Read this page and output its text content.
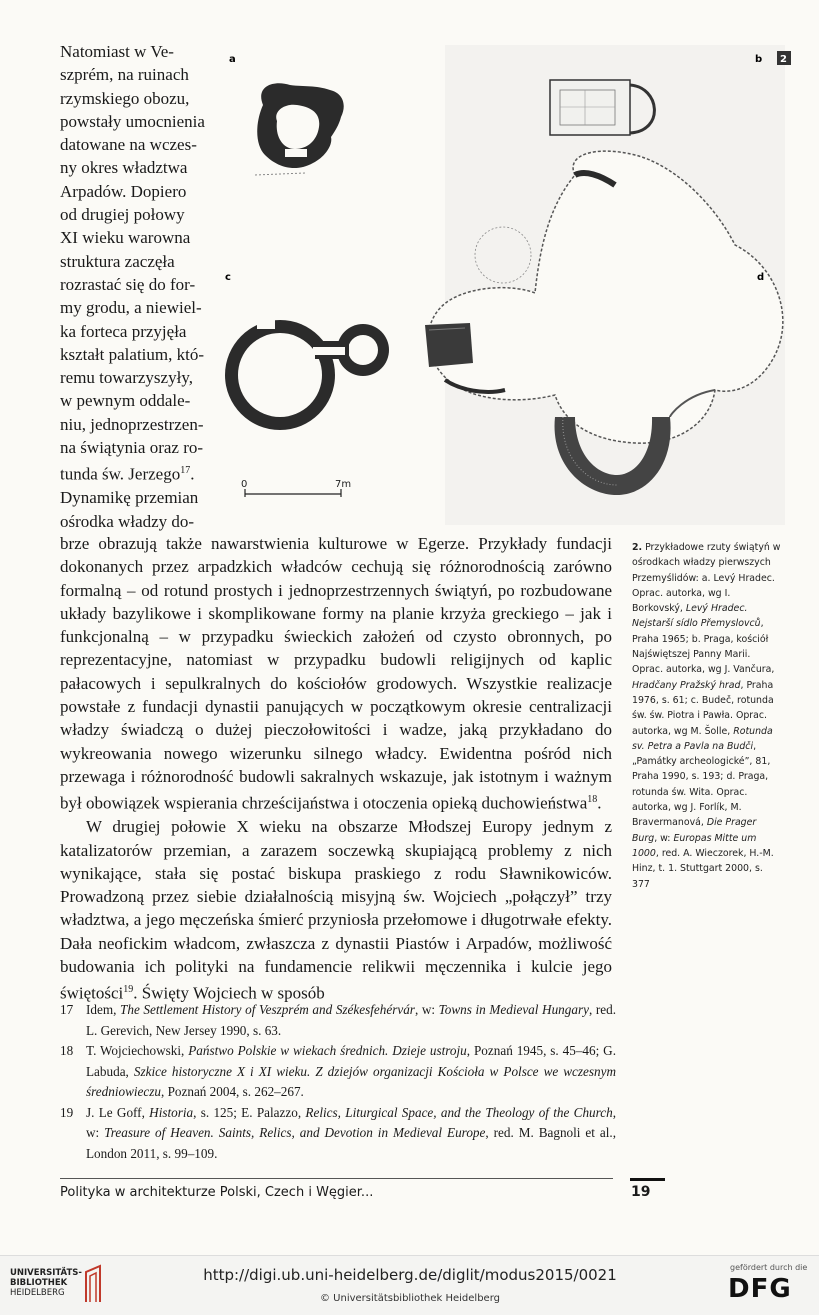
Natomiast w Ve-
szprém, na ruinach
rzymskiego obozu,
powstały umocnienia
datowane na wczes-
ny okres władztwa
Arpadów. Dopiero
od drugiej połowy
XI wieku warowna
struktura zaczęła
rozrastać się do for-
my grodu, a niewiel-
ka forteca przyjęła
kształt palatium, któ-
remu towarzyszyły,
w pewnym oddale-
niu, jednoprzestrzen-
na świątynia oraz ro-
tunda św. Jerzego$^{17}$.
Dynamikę przemian
ośrodka władzy do-
0	7m
a	b 2
c	d

brze obrazują także nawarstwienia kulturowe w Egerze. Przykłady fundacji dokonanych przez arpadzkich władców cechują się różnorodnością zarówno formalną – od rotund prostych i jednoprzestrzennych świątyń, po rozbudowane układy bazylikowe i skomplikowane formy na planie krzyża greckiego – jak i funkcjonalną – w przypadku świeckich założeń od czysto obronnych, po reprezentacyjne, natomiast w przypadku budowli religijnych od kaplic pałacowych i sepulkralnych do kościołów grodowych. Wszystkie realizacje powstałe z fundacji dynastii panujących w początkowym okresie centralizacji władzy świadczą o dużej pieczołowitości i wadze, jaką przykładano do wykreowania nowego wizerunku silnego władcy. Ewidentna pośród nich przewaga i różnorodność budowli sakralnych wskazuje, jak istotnym i ważnym był obowiązek wspierania chrześcijaństwa i otoczenia opieką duchowieństwa$^{18}$.

W drugiej połowie X wieku na obszarze Młodszej Europy jednym z katalizatorów przemian, a zarazem soczewką skupiającą problemy z nich wynikające, stała się postać biskupa praskiego z rodu Sławnikowiców. Prowadzoną przez siebie działalnością misyjną św. Wojciech „połączył” trzy władztwa, a jego męczeńska śmierć przyniosła przełomowe i długotrwałe efekty. Dała neofickim władcom, zwłaszcza z dynastii Piastów i Arpadów, możliwość budowania ich polityki na fundamencie relikwii męczennika i kulcie jego świętości$^{19}$. Święty Wojciech w sposób

2. Przykładowe rzuty świątyń w ośrodkach władzy pierwszych Przemyślidów: a. Levý Hradec. Oprac. autorka, wg I. Borkovský, Levý Hradec. Nejstarší sídlo Přemyslovců, Praha 1965; b. Praga, kościół Najświętszej Panny Marii. Oprac. autorka, wg J. Vančura, Hradčany Pražský hrad, Praha 1976, s. 61; c. Budeč, rotunda św. św. Piotra i Pawła. Oprac. autorka, wg M. Šolle, Rotunda sv. Petra a Pavla na Budči, „Památky archeologické”, 81, Praha 1990, s. 193; d. Praga, rotunda św. Wita. Oprac. autorka, wg J. Forlík, M. Bravermanová, Die Prager Burg, w: Europas Mitte um 1000, red. A. Wieczorek, H.-M. Hinz, t. 1. Stuttgart 2000, s. 377
17 Idem, The Settlement History of Veszprém and Székesfehérvár, w: Towns in Medieval Hungary, red. L. Gerevich, New Jersey 1990, s. 63.
18 T. Wojciechowski, Państwo Polskie w wiekach średnich. Dzieje ustroju, Poznań 1945, s. 45–46; G. Labuda, Szkice historyczne X i XI wieku. Z dziejów organizacji Kościoła w Polsce we wczesnym średniowieczu, Poznań 2004, s. 262–267.
19 J. Le Goff, Historia, s. 125; E. Palazzo, Relics, Liturgical Space, and the Theology of the Church, w: Treasure of Heaven. Saints, Relics, and Devotion in Medieval Europe, red. M. Bagnoli et al., London 2011, s. 99–109.
Polityka w architekturze Polski, Czech i Węgier...	19
UNIVERSITÄTS-
BIBLIOTHEK
HEIDELBERG
http://digi.ub.uni-heidelberg.de/diglit/modus2015/0021
© Universitätsbibliothek Heidelberg
gefördert durch die
DFG
